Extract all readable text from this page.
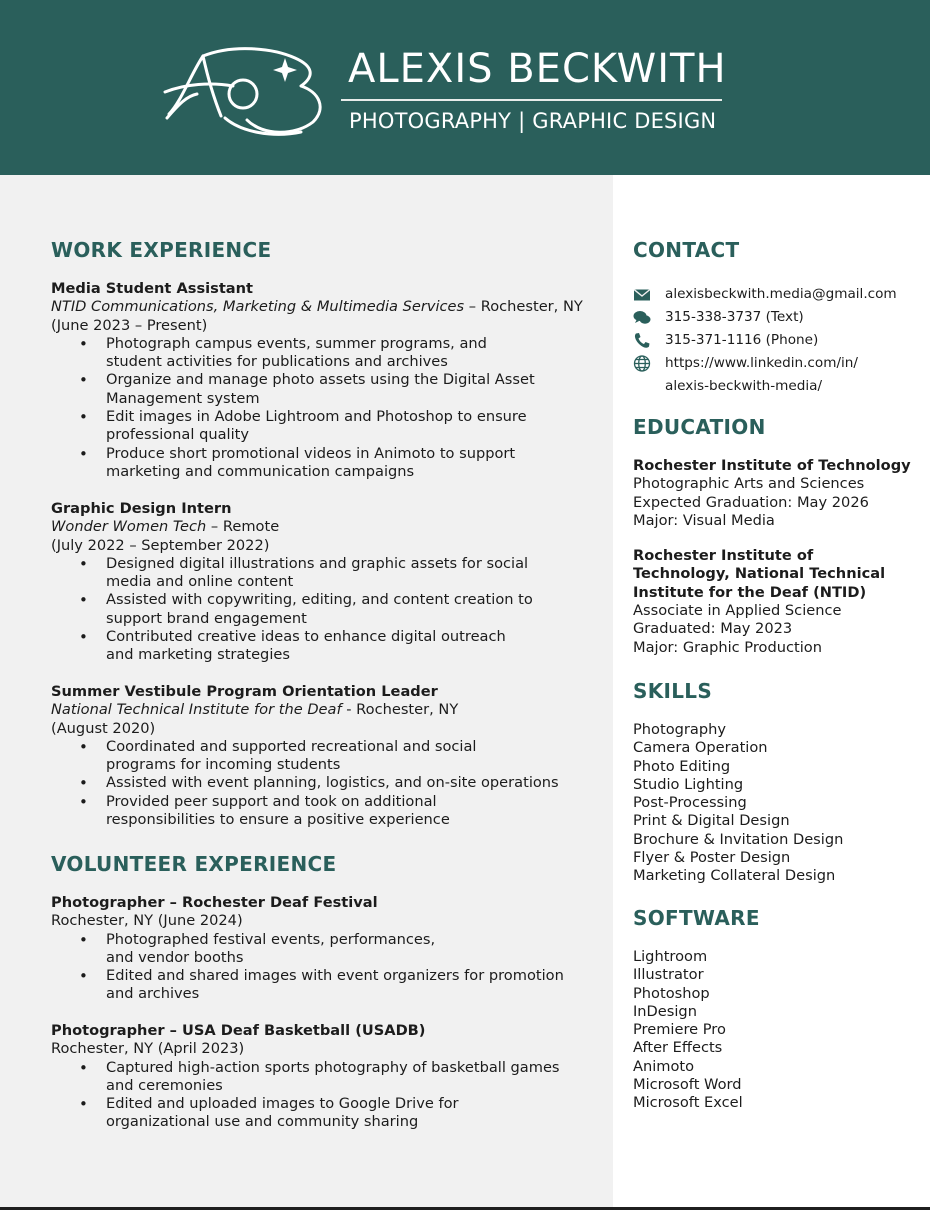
ALEXIS BECKWITH
PHOTOGRAPHY | GRAPHIC DESIGN
WORK EXPERIENCE
Media Student Assistant
NTID Communications, Marketing & Multimedia Services – Rochester, NY
(June 2023 – Present)
• Photograph campus events, summer programs, and student activities for publications and archives
• Organize and manage photo assets using the Digital Asset Management system
• Edit images in Adobe Lightroom and Photoshop to ensure professional quality
• Produce short promotional videos in Animoto to support marketing and communication campaigns
Graphic Design Intern
Wonder Women Tech – Remote
(July 2022 – September 2022)
• Designed digital illustrations and graphic assets for social media and online content
• Assisted with copywriting, editing, and content creation to support brand engagement
• Contributed creative ideas to enhance digital outreach and marketing strategies
Summer Vestibule Program Orientation Leader
National Technical Institute for the Deaf - Rochester, NY
(August 2020)
• Coordinated and supported recreational and social programs for incoming students
• Assisted with event planning, logistics, and on-site operations
• Provided peer support and took on additional responsibilities to ensure a positive experience
VOLUNTEER EXPERIENCE
Photographer – Rochester Deaf Festival
Rochester, NY (June 2024)
• Photographed festival events, performances, and vendor booths
• Edited and shared images with event organizers for promotion and archives
Photographer – USA Deaf Basketball (USADB)
Rochester, NY (April 2023)
• Captured high-action sports photography of basketball games and ceremonies
• Edited and uploaded images to Google Drive for organizational use and community sharing
CONTACT
alexisbeckwith.media@gmail.com
315-338-3737 (Text)
315-371-1116 (Phone)
https://www.linkedin.com/in/
alexis-beckwith-media/
EDUCATION
Rochester Institute of Technology
Photographic Arts and Sciences
Expected Graduation: May 2026
Major: Visual Media
Rochester Institute of Technology, National Technical Institute for the Deaf (NTID)
Associate in Applied Science
Graduated: May 2023
Major: Graphic Production
SKILLS
Photography
Camera Operation
Photo Editing
Studio Lighting
Post-Processing
Print & Digital Design
Brochure & Invitation Design
Flyer & Poster Design
Marketing Collateral Design
SOFTWARE
Lightroom
Illustrator
Photoshop
InDesign
Premiere Pro
After Effects
Animoto
Microsoft Word
Microsoft Excel
